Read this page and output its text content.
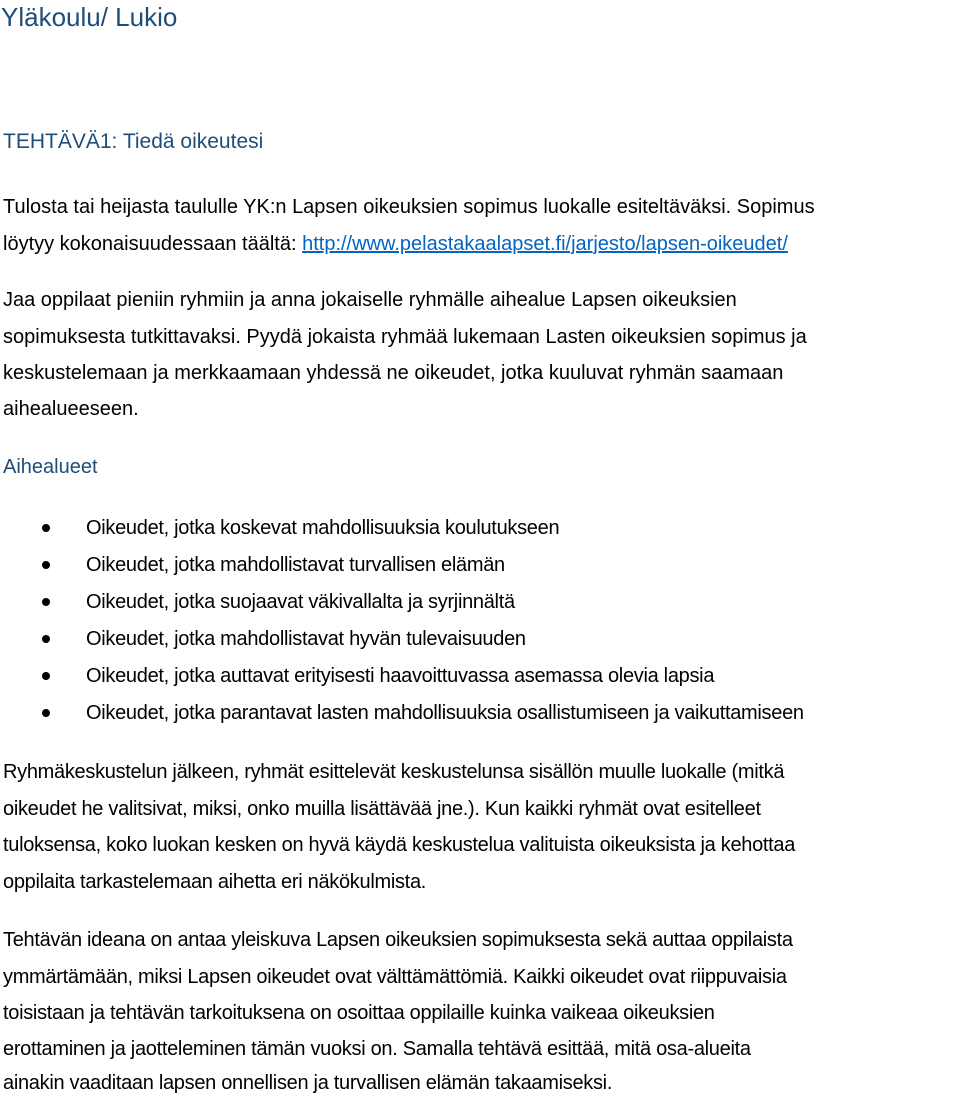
Yläkoulu/ Lukio
TEHTÄVÄ1: Tiedä oikeutesi
Tulosta tai heijasta taululle YK:n Lapsen oikeuksien sopimus luokalle esiteltäväksi. Sopimus
löytyy kokonaisuudessaan täältä: http://www.pelastakaalapset.fi/jarjesto/lapsen-oikeudet/
Jaa oppilaat pieniin ryhmiin ja anna jokaiselle ryhmälle aihealue Lapsen oikeuksien
sopimuksesta tutkittavaksi. Pyydä jokaista ryhmää lukemaan Lasten oikeuksien sopimus ja
keskustelemaan ja merkkaamaan yhdessä ne oikeudet, jotka kuuluvat ryhmän saamaan
aihealueeseen.
Aihealueet
Oikeudet, jotka koskevat mahdollisuuksia koulutukseen
Oikeudet, jotka mahdollistavat turvallisen elämän
Oikeudet, jotka suojaavat väkivallalta ja syrjinnältä
Oikeudet, jotka mahdollistavat hyvän tulevaisuuden
Oikeudet, jotka auttavat erityisesti haavoittuvassa asemassa olevia lapsia
Oikeudet, jotka parantavat lasten mahdollisuuksia osallistumiseen ja vaikuttamiseen
Ryhmäkeskustelun jälkeen, ryhmät esittelevät keskustelunsa sisällön muulle luokalle (mitkä
oikeudet he valitsivat, miksi, onko muilla lisättävää jne.). Kun kaikki ryhmät ovat esitelleet
tuloksensa, koko luokan kesken on hyvä käydä keskustelua valituista oikeuksista ja kehottaa
oppilaita tarkastelemaan aihetta eri näkökulmista.
Tehtävän ideana on antaa yleiskuva Lapsen oikeuksien sopimuksesta sekä auttaa oppilaista
ymmärtämään, miksi Lapsen oikeudet ovat välttämättömiä. Kaikki oikeudet ovat riippuvaisia
toisistaan ja tehtävän tarkoituksena on osoittaa oppilaille kuinka vaikeaa oikeuksien
erottaminen ja jaotteleminen tämän vuoksi on. Samalla tehtävä esittää, mitä osa-alueita
ainakin vaaditaan lapsen onnellisen ja turvallisen elämän takaamiseksi.
